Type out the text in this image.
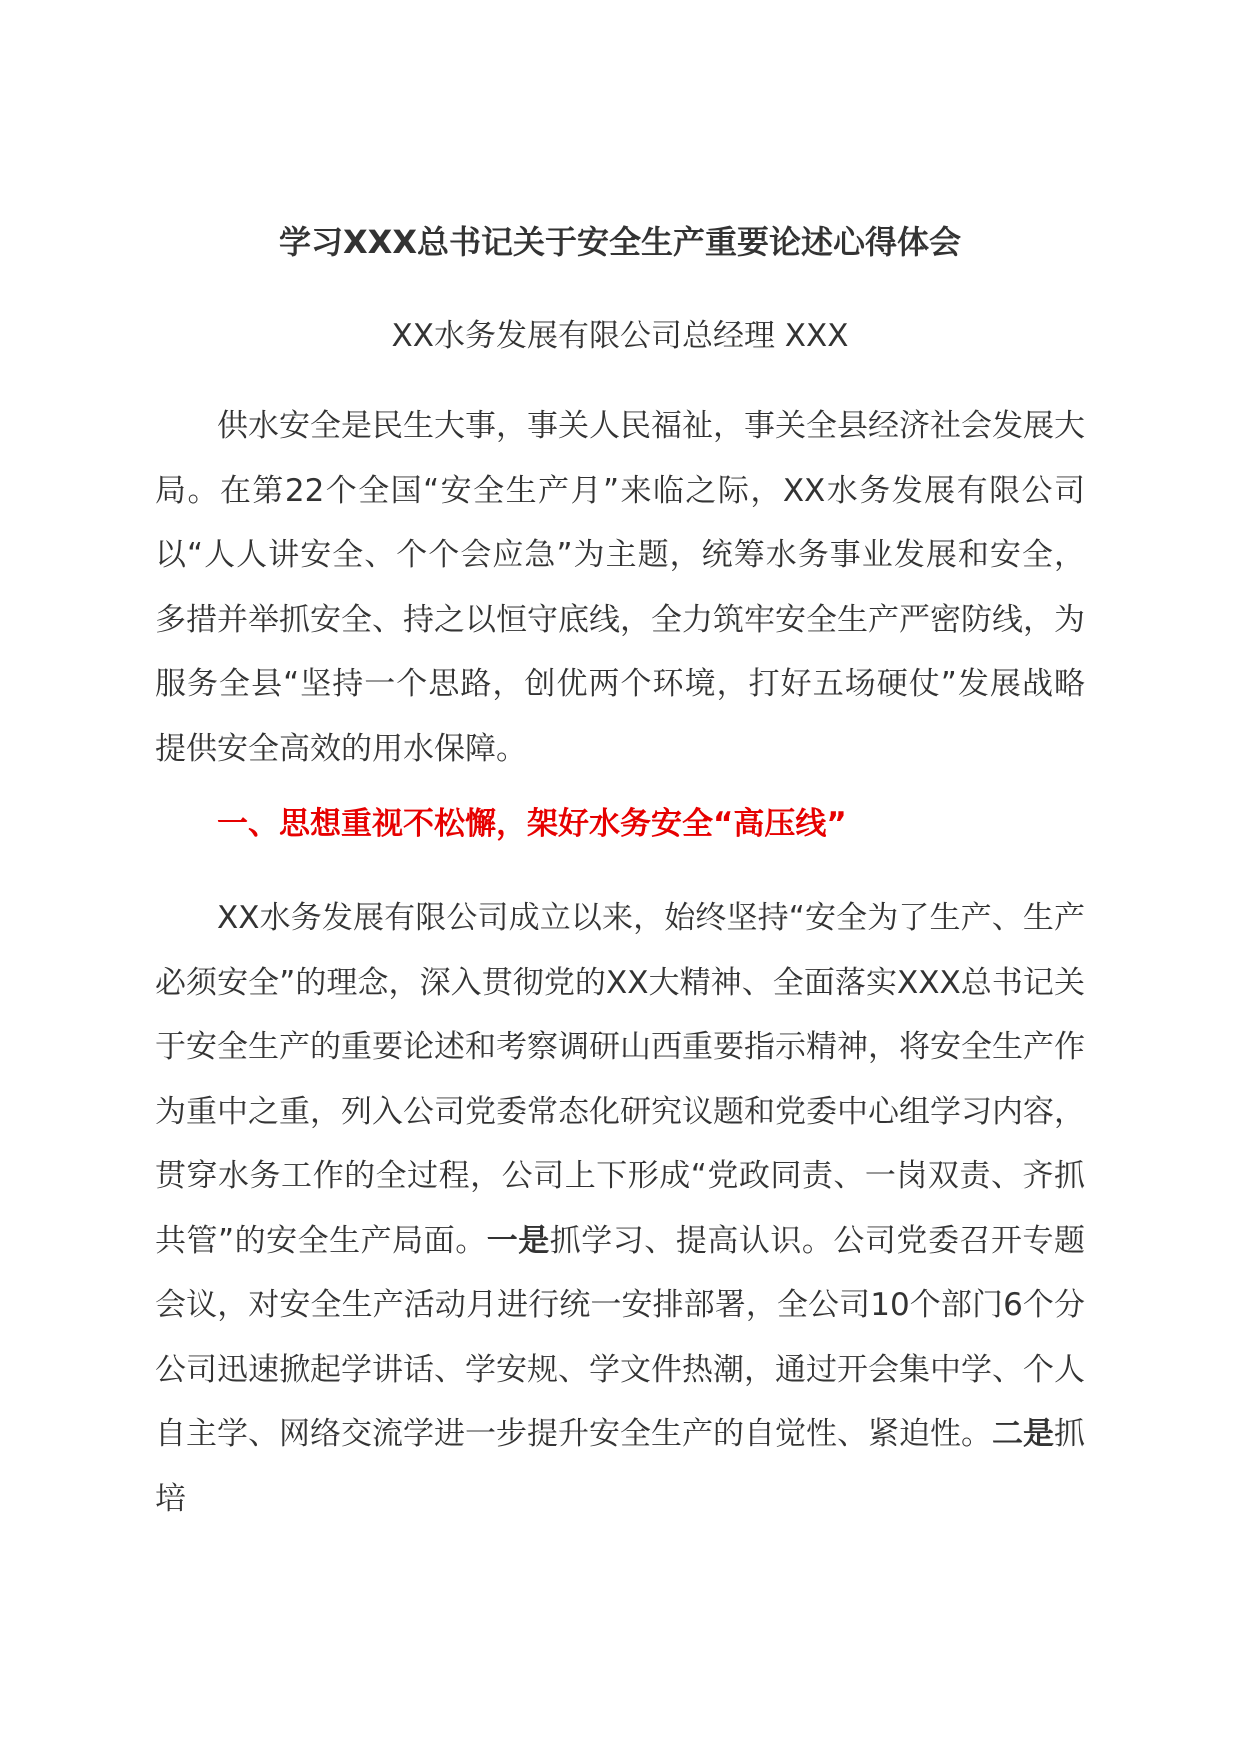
学习XXX总书记关于安全生产重要论述心得体会
XX水务发展有限公司总经理 XXX

供水安全是民生大事，事关人民福祉，事关全县经济社会发展大局。在第22个全国“安全生产月”来临之际，XX水务发展有限公司以“人人讲安全、个个会应急”为主题，统筹水务事业发展和安全，多措并举抓安全、持之以恒守底线，全力筑牢安全生产严密防线，为服务全县“坚持一个思路，创优两个环境，打好五场硬仗”发展战略提供安全高效的用水保障。

一、思想重视不松懈，架好水务安全“高压线”

XX水务发展有限公司成立以来，始终坚持“安全为了生产、生产必须安全”的理念，深入贯彻党的XX大精神、全面落实XXX总书记关于安全生产的重要论述和考察调研山西重要指示精神，将安全生产作为重中之重，列入公司党委常态化研究议题和党委中心组学习内容，贯穿水务工作的全过程，公司上下形成“党政同责、一岗双责、齐抓共管”的安全生产局面。一是抓学习、提高认识。公司党委召开专题会议，对安全生产活动月进行统一安排部署，全公司10个部门6个分公司迅速掀起学讲话、学安规、学文件热潮，通过开会集中学、个人自主学、网络交流学进一步提升安全生产的自觉性、紧迫性。二是抓培
